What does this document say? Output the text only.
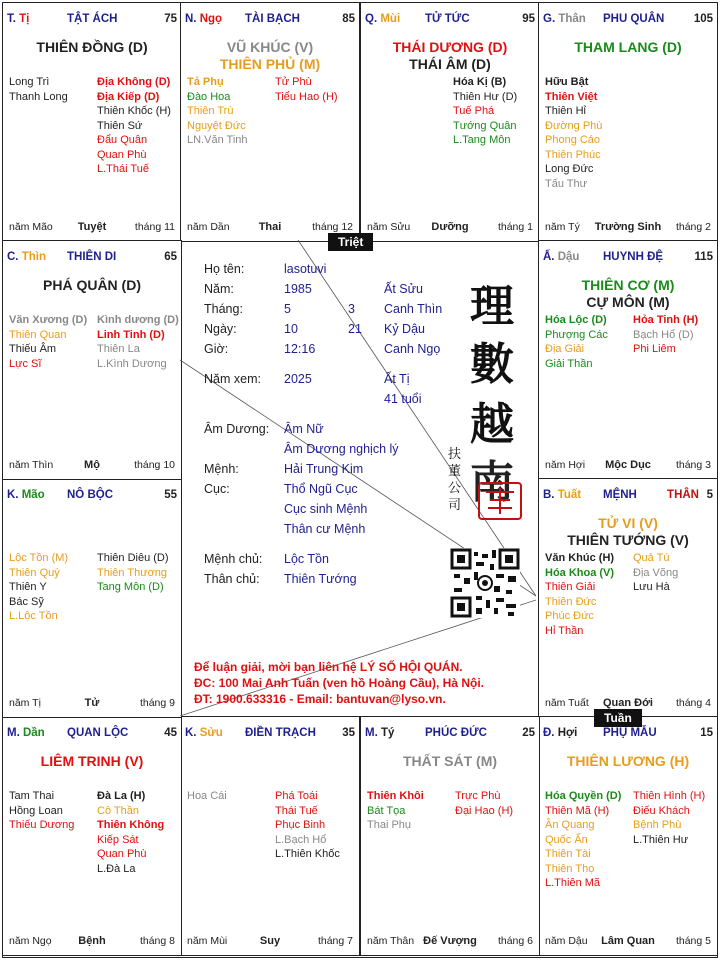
T. Tị	TẬT ÁCH	75
THIÊN ĐỒNG (D)
Long Trì
Thanh Long
Địa Không (D)
Địa Kiếp (D)
Thiên Khốc (H)
Thiên Sứ
Đẩu Quân
Quan Phù
L.Thái Tuế
năm Mão	Tuyệt	tháng 11
N. Ngọ TÀI BẠCH	85
VŨ KHÚC (V)
THIÊN PHỦ (M)
Tả Phụ
Đào Hoa
Thiên Trù
Nguyệt Đức
LN.Văn Tinh
Tử Phù
Tiểu Hao (H)
năm Dần	Thai	tháng 12
Q. Mùi TỬ TỨC	95
THÁI DƯƠNG (D)
THÁI ÂM (D)
Hóa Kị (B)
Thiên Hư (D)
Tuế Phá
Tướng Quân
L.Tang Môn
năm Sửu	Dưỡng	tháng 1
G. Thân PHU QUÂN	105
THAM LANG (D)
Hữu Bật
Thiên Việt
Thiên Hỉ
Đường Phù
Phong Cáo
Thiên Phúc
Long Đức
Tấu Thư
năm Tý	Trường Sinh	tháng 2
Ấ. Dậu HUYNH ĐỆ	115
THIÊN CƠ (M)
CỰ MÔN (M)
Hóa Lộc (D)
Phượng Các
Địa Giải
Giải Thần
Hỏa Tinh (H)
Bạch Hổ (D)
Phi Liêm
năm Hợi	Mộc Dục	tháng 3
B. Tuất MỆNH	THÂN 5
TỬ VI (V)
THIÊN TƯỚNG (V)
Văn Khúc (H)
Hóa Khoa (V)
Thiên Giải
Thiên Đức
Phúc Đức
Hỉ Thần
Quả Tú
Địa Võng
Lưu Hà
năm Tuất	Quan Đới	tháng 4
Đ. Hợi PHỤ MẪU	15
THIÊN LƯƠNG (H)
Hóa Quyền (D)
Thiên Mã (H)
Ân Quang
Quốc Ấn
Thiên Tài
Thiên Thọ
L.Thiên Mã
Thiên Hình (H)
Điếu Khách
Bệnh Phù
L.Thiên Hư
năm Dậu	Lâm Quan	tháng 5
M. Tý	PHÚC ĐỨC	25
THẤT SÁT (M)
Thiên Khôi
Bát Tọa
Thai Phụ
Trực Phù
Đại Hao (H)
năm Thân Đế Vượng	tháng 6
K. Sửu ĐIỀN TRẠCH 35
Hoa Cái	Phá Toái
Thái Tuế
Phục Binh
L.Bạch Hổ
L.Thiên Khốc
năm Mùi	Suy	tháng 7
M. Dần QUAN LỘC	45
LIÊM TRINH (V)
Tam Thai
Hồng Loan
Thiếu Dương
Đà La (H)
Cô Thần
Thiên Không
Kiếp Sát
Quan Phù
L.Đà La
năm Ngọ	Bệnh	tháng 8
K. Mão NÔ BỘC	55
Lộc Tồn (M)
Thiên Quý
Thiên Y
Bác Sỹ
L.Lộc Tồn
Thiên Diêu (D)
Thiên Thương
Tang Môn (D)
năm Tị	Tử	tháng 9
C. Thìn THIÊN DI	65
PHÁ QUÂN (D)
Văn Xương (D)
Thiên Quan
Thiếu Âm
Lực Sĩ
Kình dương (D)
Linh Tinh (D)
Thiên La
L.Kình Dương
năm Thìn	Mộ	tháng 10
Họ tên:	lasotuvi
Năm:	1985	Ất Sửu
Tháng:	5	3 Canh Thìn
Ngày:	10	21 Kỷ Dậu
Giờ:	12:16	Canh Ngọ
Năm xem: 2025	Ất Tị
41 tuổi
Âm Dương: Âm Nữ
Âm Dương nghịch lý
Mệnh:	Hải Trung Kim
Cục:	Thổ Ngũ Cục
Cục sinh Mệnh
Thân cư Mệnh
Mệnh chủ: Lộc Tồn
Thân chủ: Thiên Tướng
理
數
越
南
扶董公司
Để luận giải, mời bạn liên hệ LÝ SỐ HỘI QUÁN.
ĐC: 100 Mai Anh Tuấn (ven hồ Hoàng Cầu), Hà Nội.
ĐT: 1900.633316 - Email: bantuvan@lyso.vn.
Triệt
Tuần
